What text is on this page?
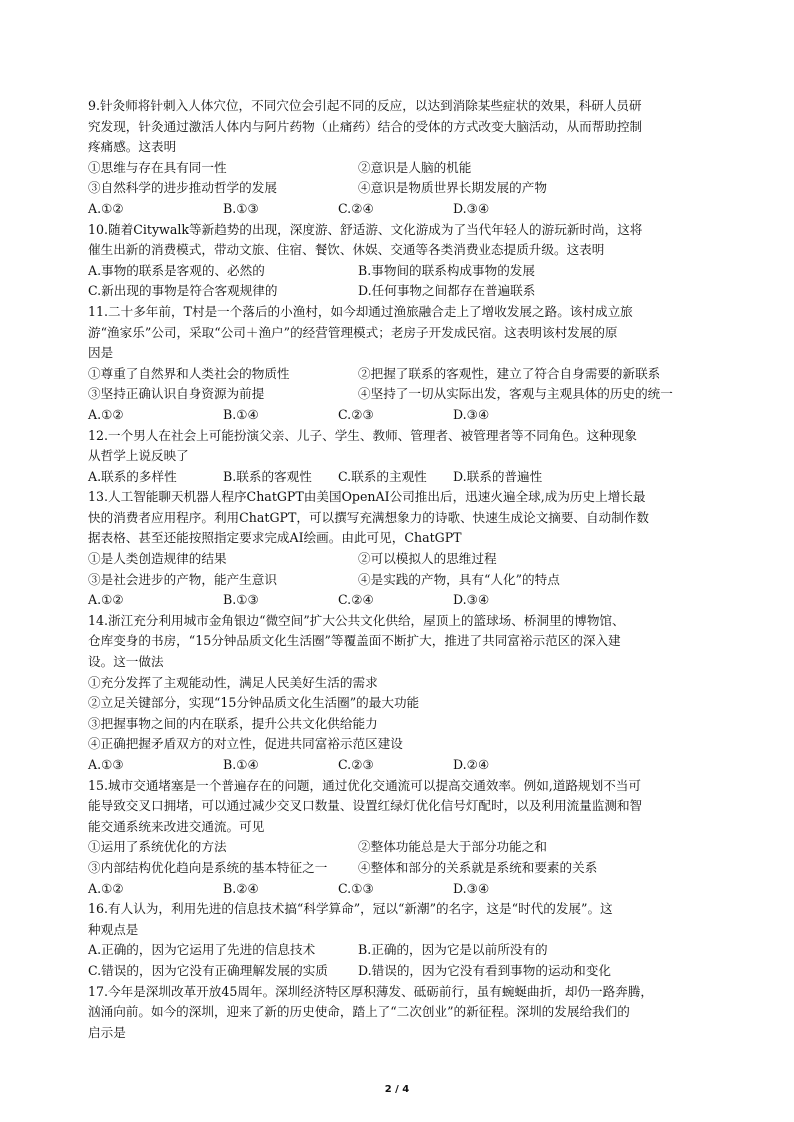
9.针灸师将针刺入人体穴位，不同穴位会引起不同的反应，以达到消除某些症状的效果，科研人员研
究发现，针灸通过激活人体内与阿片药物（止痛药）结合的受体的方式改变大脑活动，从而帮助控制
疼痛感。这表明
①思维与存在具有同一性	②意识是人脑的机能
③自然科学的进步推动哲学的发展	④意识是物质世界长期发展的产物
A.①②	B.①③	C.②④	D.③④
10.随着Citywalk等新趋势的出现，深度游、舒适游、文化游成为了当代年轻人的游玩新时尚，这将
催生出新的消费模式，带动文旅、住宿、餐饮、休娱、交通等各类消费业态提质升级。这表明
A.事物的联系是客观的、必然的	B.事物间的联系构成事物的发展
C.新出现的事物是符合客观规律的	D.任何事物之间都存在普遍联系
11.二十多年前，T村是一个落后的小渔村，如今却通过渔旅融合走上了增收发展之路。该村成立旅
游“渔家乐”公司，采取“公司＋渔户”的经营管理模式；老房子开发成民宿。这表明该村发展的原
因是
①尊重了自然界和人类社会的物质性	②把握了联系的客观性，建立了符合自身需要的新联系
③坚持正确认识自身资源为前提	④坚持了一切从实际出发，客观与主观具体的历史的统一
A.①②	B.①④	C.②③	D.③④
12.一个男人在社会上可能扮演父亲、儿子、学生、教师、管理者、被管理者等不同角色。这种现象
从哲学上说反映了
A.联系的多样性	B.联系的客观性	C.联系的主观性	D.联系的普遍性
13.人工智能聊天机器人程序ChatGPT由美国OpenAI公司推出后，迅速火遍全球,成为历史上增长最
快的消费者应用程序。利用ChatGPT，可以撰写充满想象力的诗歌、快速生成论文摘要、自动制作数
据表格、甚至还能按照指定要求完成AI绘画。由此可见，ChatGPT
①是人类创造规律的结果	②可以模拟人的思维过程
③是社会进步的产物，能产生意识	④是实践的产物，具有“人化”的特点
A.①②	B.①③	C.②④	D.③④
14.浙江充分利用城市金角银边“微空间”扩大公共文化供给，屋顶上的篮球场、桥洞里的博物馆、
仓库变身的书房，“15分钟品质文化生活圈”等覆盖面不断扩大，推进了共同富裕示范区的深入建
设。这一做法
①充分发挥了主观能动性，满足人民美好生活的需求
②立足关键部分，实现“15分钟品质文化生活圈”的最大功能
③把握事物之间的内在联系，提升公共文化供给能力
④正确把握矛盾双方的对立性，促进共同富裕示范区建设
A.①③	B.①④	C.②③	D.②④
15.城市交通堵塞是一个普遍存在的问题，通过优化交通流可以提高交通效率。例如,道路规划不当可
能导致交叉口拥堵，可以通过减少交叉口数量、设置红绿灯优化信号灯配时，以及利用流量监测和智
能交通系统来改进交通流。可见
①运用了系统优化的方法	②整体功能总是大于部分功能之和
③内部结构优化趋向是系统的基本特征之一	④整体和部分的关系就是系统和要素的关系
A.①②	B.②④	C.①③	D.③④
16.有人认为，利用先进的信息技术搞“科学算命”，冠以“新潮”的名字，这是“时代的发展”。这
种观点是
A.正确的，因为它运用了先进的信息技术	B.正确的，因为它是以前所没有的
C.错误的，因为它没有正确理解发展的实质	D.错误的，因为它没有看到事物的运动和变化
17.今年是深圳改革开放45周年。深圳经济特区厚积薄发、砥砺前行，虽有蜿蜒曲折，却仍一路奔腾，
汹涌向前。如今的深圳，迎来了新的历史使命，踏上了“二次创业”的新征程。深圳的发展给我们的
启示是
2 / 4
